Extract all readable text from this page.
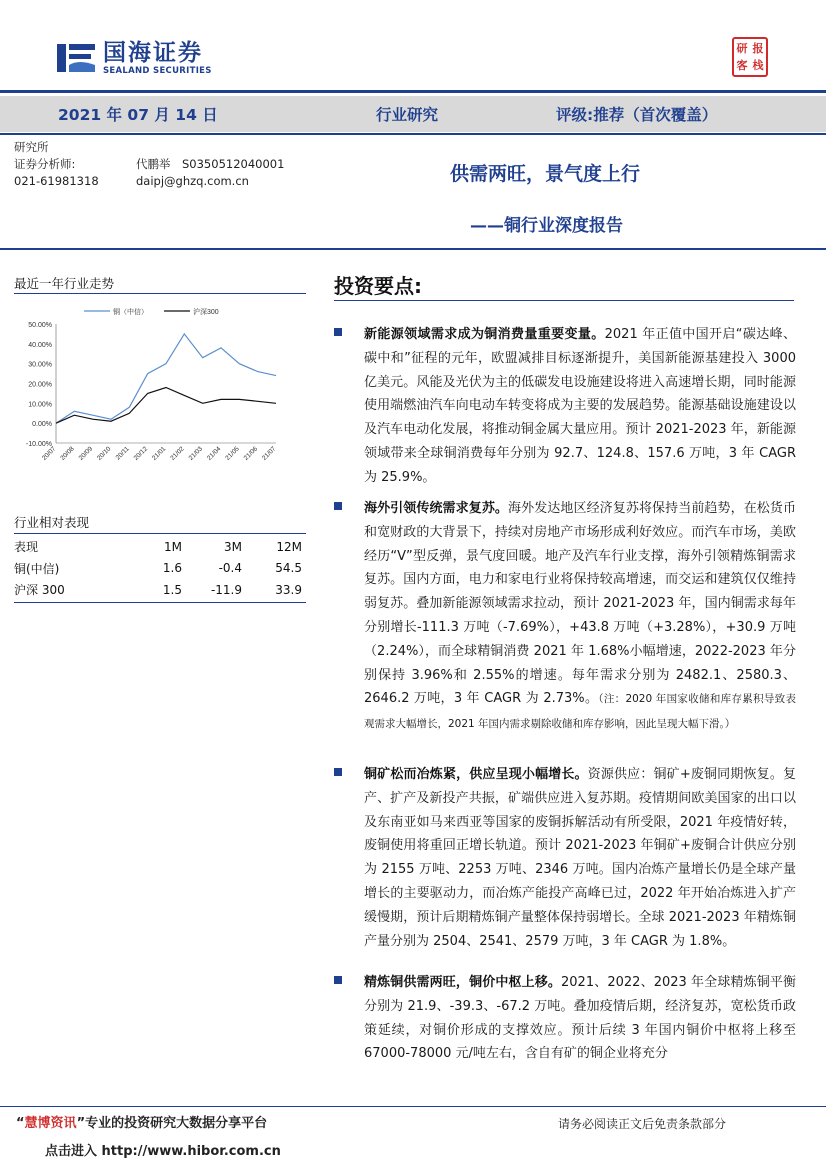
国海证券
SEALAND SECURITIES
研 报
客 栈
2021 年 07 月 14 日	行业研究	评级:推荐（首次覆盖）
研究所
证券分析师:	代鹏举	S0350512040001
021-61981318	daipj@ghzq.com.cn	供需两旺，景气度上行
——铜行业深度报告
最近一年行业走势
50.00%
40.00%
30.00%
20.00%
10.00%
0.00%
-10.00%
20/07 20/08 20/09 20/10 20/11 20/12 21/01 21/02 21/03 21/04 21/05 21/06 21/07
铜（中信）	沪深300
行业相对表现
表现	1M	3M	12M
铜(中信)	1.6	-0.4	54.5
沪深 300	1.5	-11.9	33.9
投资要点:

新能源领域需求成为铜消费量重要变量。2021 年正值中国开启“碳达峰、碳中和”征程的元年，欧盟减排目标逐渐提升，美国新能源基建投入 3000 亿美元。风能及光伏为主的低碳发电设施建设将进入高速增长期，同时能源使用端燃油汽车向电动车转变将成为主要的发展趋势。能源基础设施建设以及汽车电动化发展，将推动铜金属大量应用。预计 2021-2023 年，新能源领域带来全球铜消费每年分别为 92.7、124.8、157.6 万吨，3 年 CAGR 为 25.9%。

海外引领传统需求复苏。海外发达地区经济复苏将保持当前趋势，在松货币和宽财政的大背景下，持续对房地产市场形成利好效应。而汽车市场，美欧经历“V”型反弹，景气度回暖。地产及汽车行业支撑，海外引领精炼铜需求复苏。国内方面，电力和家电行业将保持较高增速，而交运和建筑仅仅维持弱复苏。叠加新能源领域需求拉动，预计 2021-2023 年，国内铜需求每年分别增长-111.3 万吨（-7.69%），+43.8 万吨（+3.28%），+30.9 万吨（2.24%），而全球精铜消费 2021 年 1.68%小幅增速，2022-2023 年分别保持 3.96%和 2.55%的增速。每年需求分别为 2482.1、2580.3、2646.2 万吨，3 年 CAGR 为 2.73%。（注：2020 年国家收储和库存累积导致表观需求大幅增长，2021 年国内需求剔除收储和库存影响，因此呈现大幅下滑。）

铜矿松而冶炼紧，供应呈现小幅增长。资源供应：铜矿+废铜同期恢复。复产、扩产及新投产共振，矿端供应进入复苏期。疫情期间欧美国家的出口以及东南亚如马来西亚等国家的废铜拆解活动有所受限，2021 年疫情好转，废铜使用将重回正增长轨道。预计 2021-2023 年铜矿+废铜合计供应分别为 2155 万吨、2253 万吨、2346 万吨。国内冶炼产量增长仍是全球产量增长的主要驱动力，而冶炼产能投产高峰已过，2022 年开始冶炼进入扩产缓慢期，预计后期精炼铜产量整体保持弱增长。全球 2021-2023 年精炼铜产量分别为 2504、2541、2579 万吨，3 年 CAGR 为 1.8%。

精炼铜供需两旺，铜价中枢上移。2021、2022、2023 年全球精炼铜平衡分别为 21.9、-39.3、-67.2 万吨。叠加疫情后期，经济复苏，宽松货币政策延续，对铜价形成的支撑效应。预计后续 3 年国内铜价中枢将上移至 67000-78000 元/吨左右，含自有矿的铜企业将充分

“慧博资讯”专业的投资研究大数据分享平台
点击进入 http://www.hibor.com.cn
请务必阅读正文后免责条款部分
